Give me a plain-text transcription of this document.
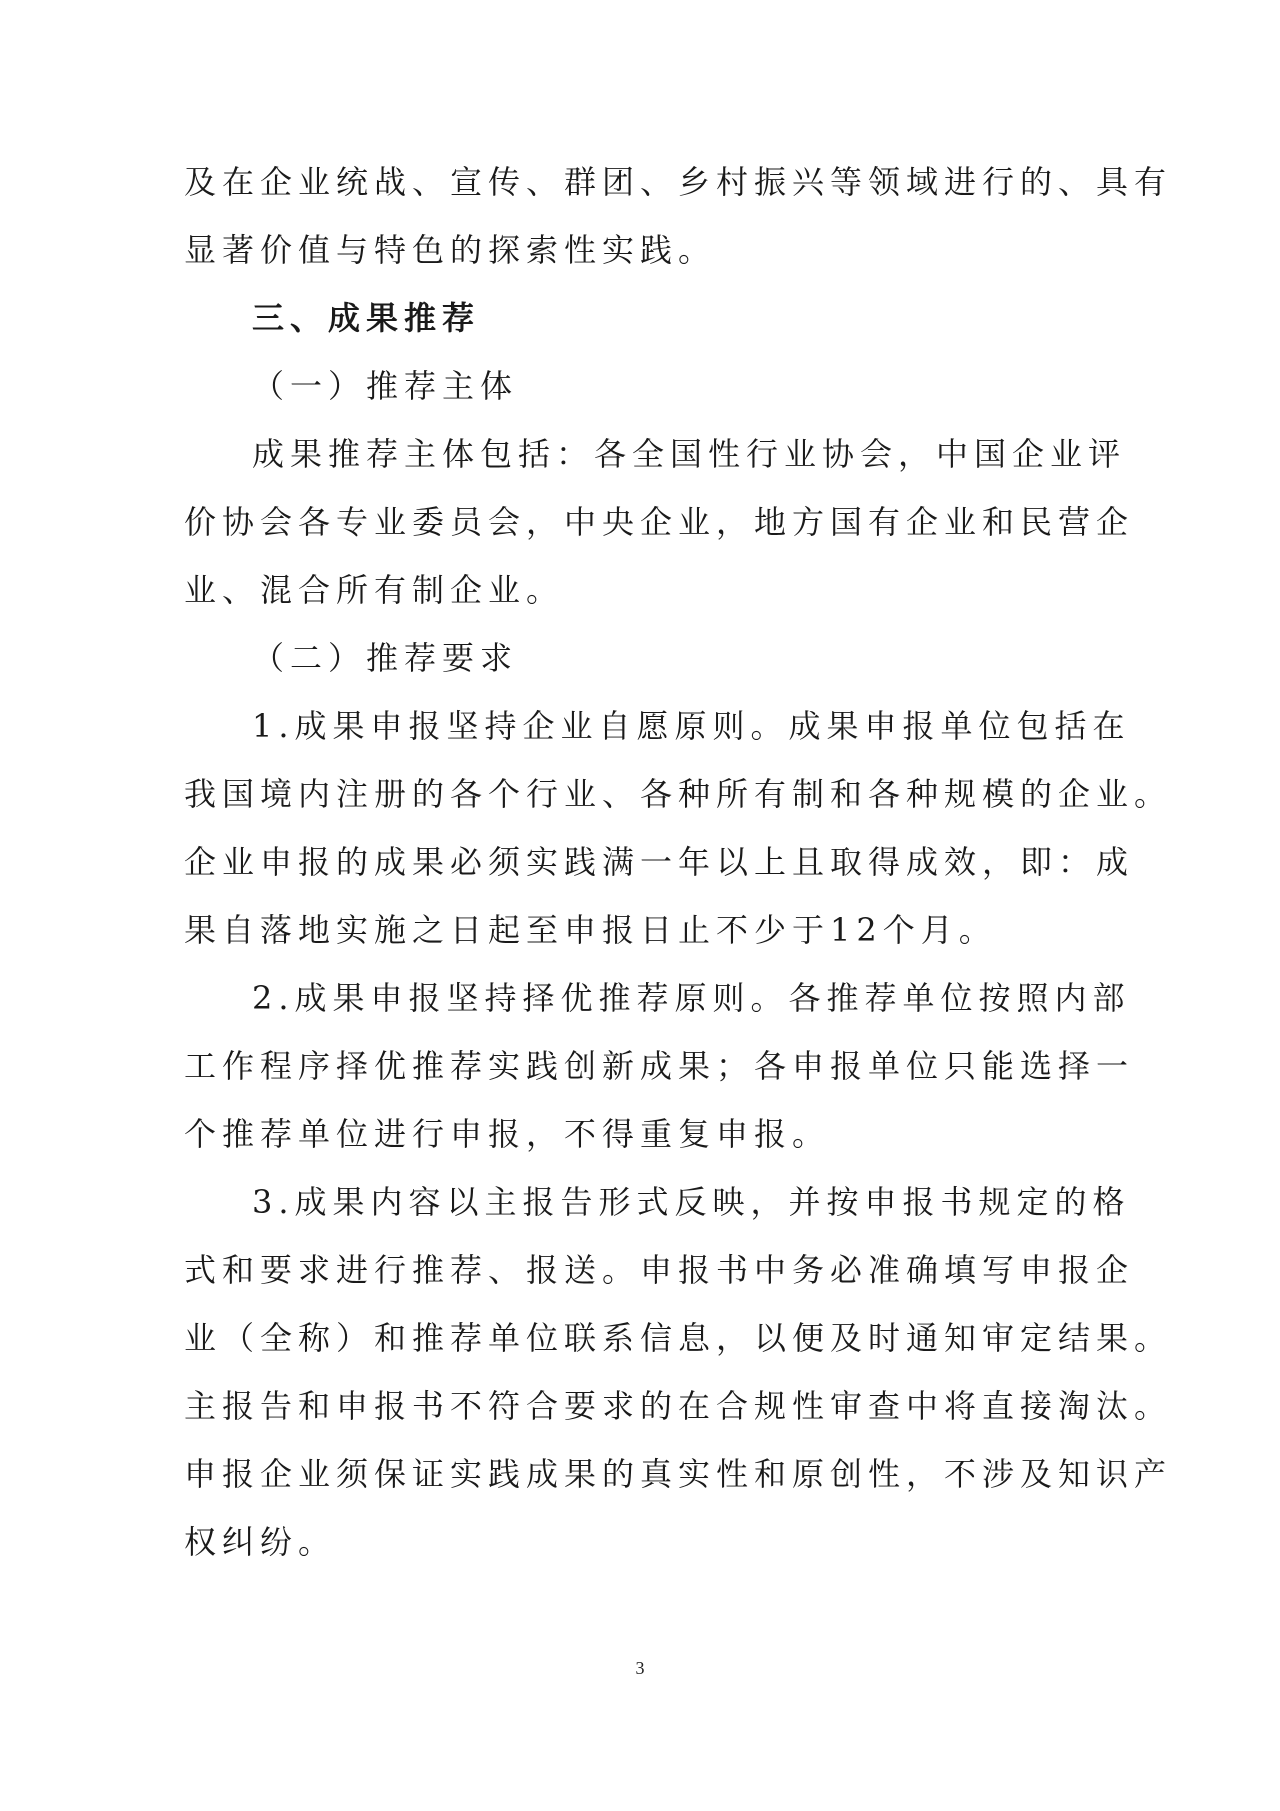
及在企业统战、宣传、群团、乡村振兴等领域进行的、具有
显著价值与特色的探索性实践。
三、成果推荐
（一）推荐主体
成果推荐主体包括：各全国性行业协会，中国企业评
价协会各专业委员会，中央企业，地方国有企业和民营企
业、混合所有制企业。
（二）推荐要求
1.成果申报坚持企业自愿原则。成果申报单位包括在
我国境内注册的各个行业、各种所有制和各种规模的企业。
企业申报的成果必须实践满一年以上且取得成效，即：成
果自落地实施之日起至申报日止不少于12个月。
2.成果申报坚持择优推荐原则。各推荐单位按照内部
工作程序择优推荐实践创新成果；各申报单位只能选择一
个推荐单位进行申报，不得重复申报。
3.成果内容以主报告形式反映，并按申报书规定的格
式和要求进行推荐、报送。申报书中务必准确填写申报企
业（全称）和推荐单位联系信息，以便及时通知审定结果。
主报告和申报书不符合要求的在合规性审查中将直接淘汰。
申报企业须保证实践成果的真实性和原创性，不涉及知识产
权纠纷。
3
